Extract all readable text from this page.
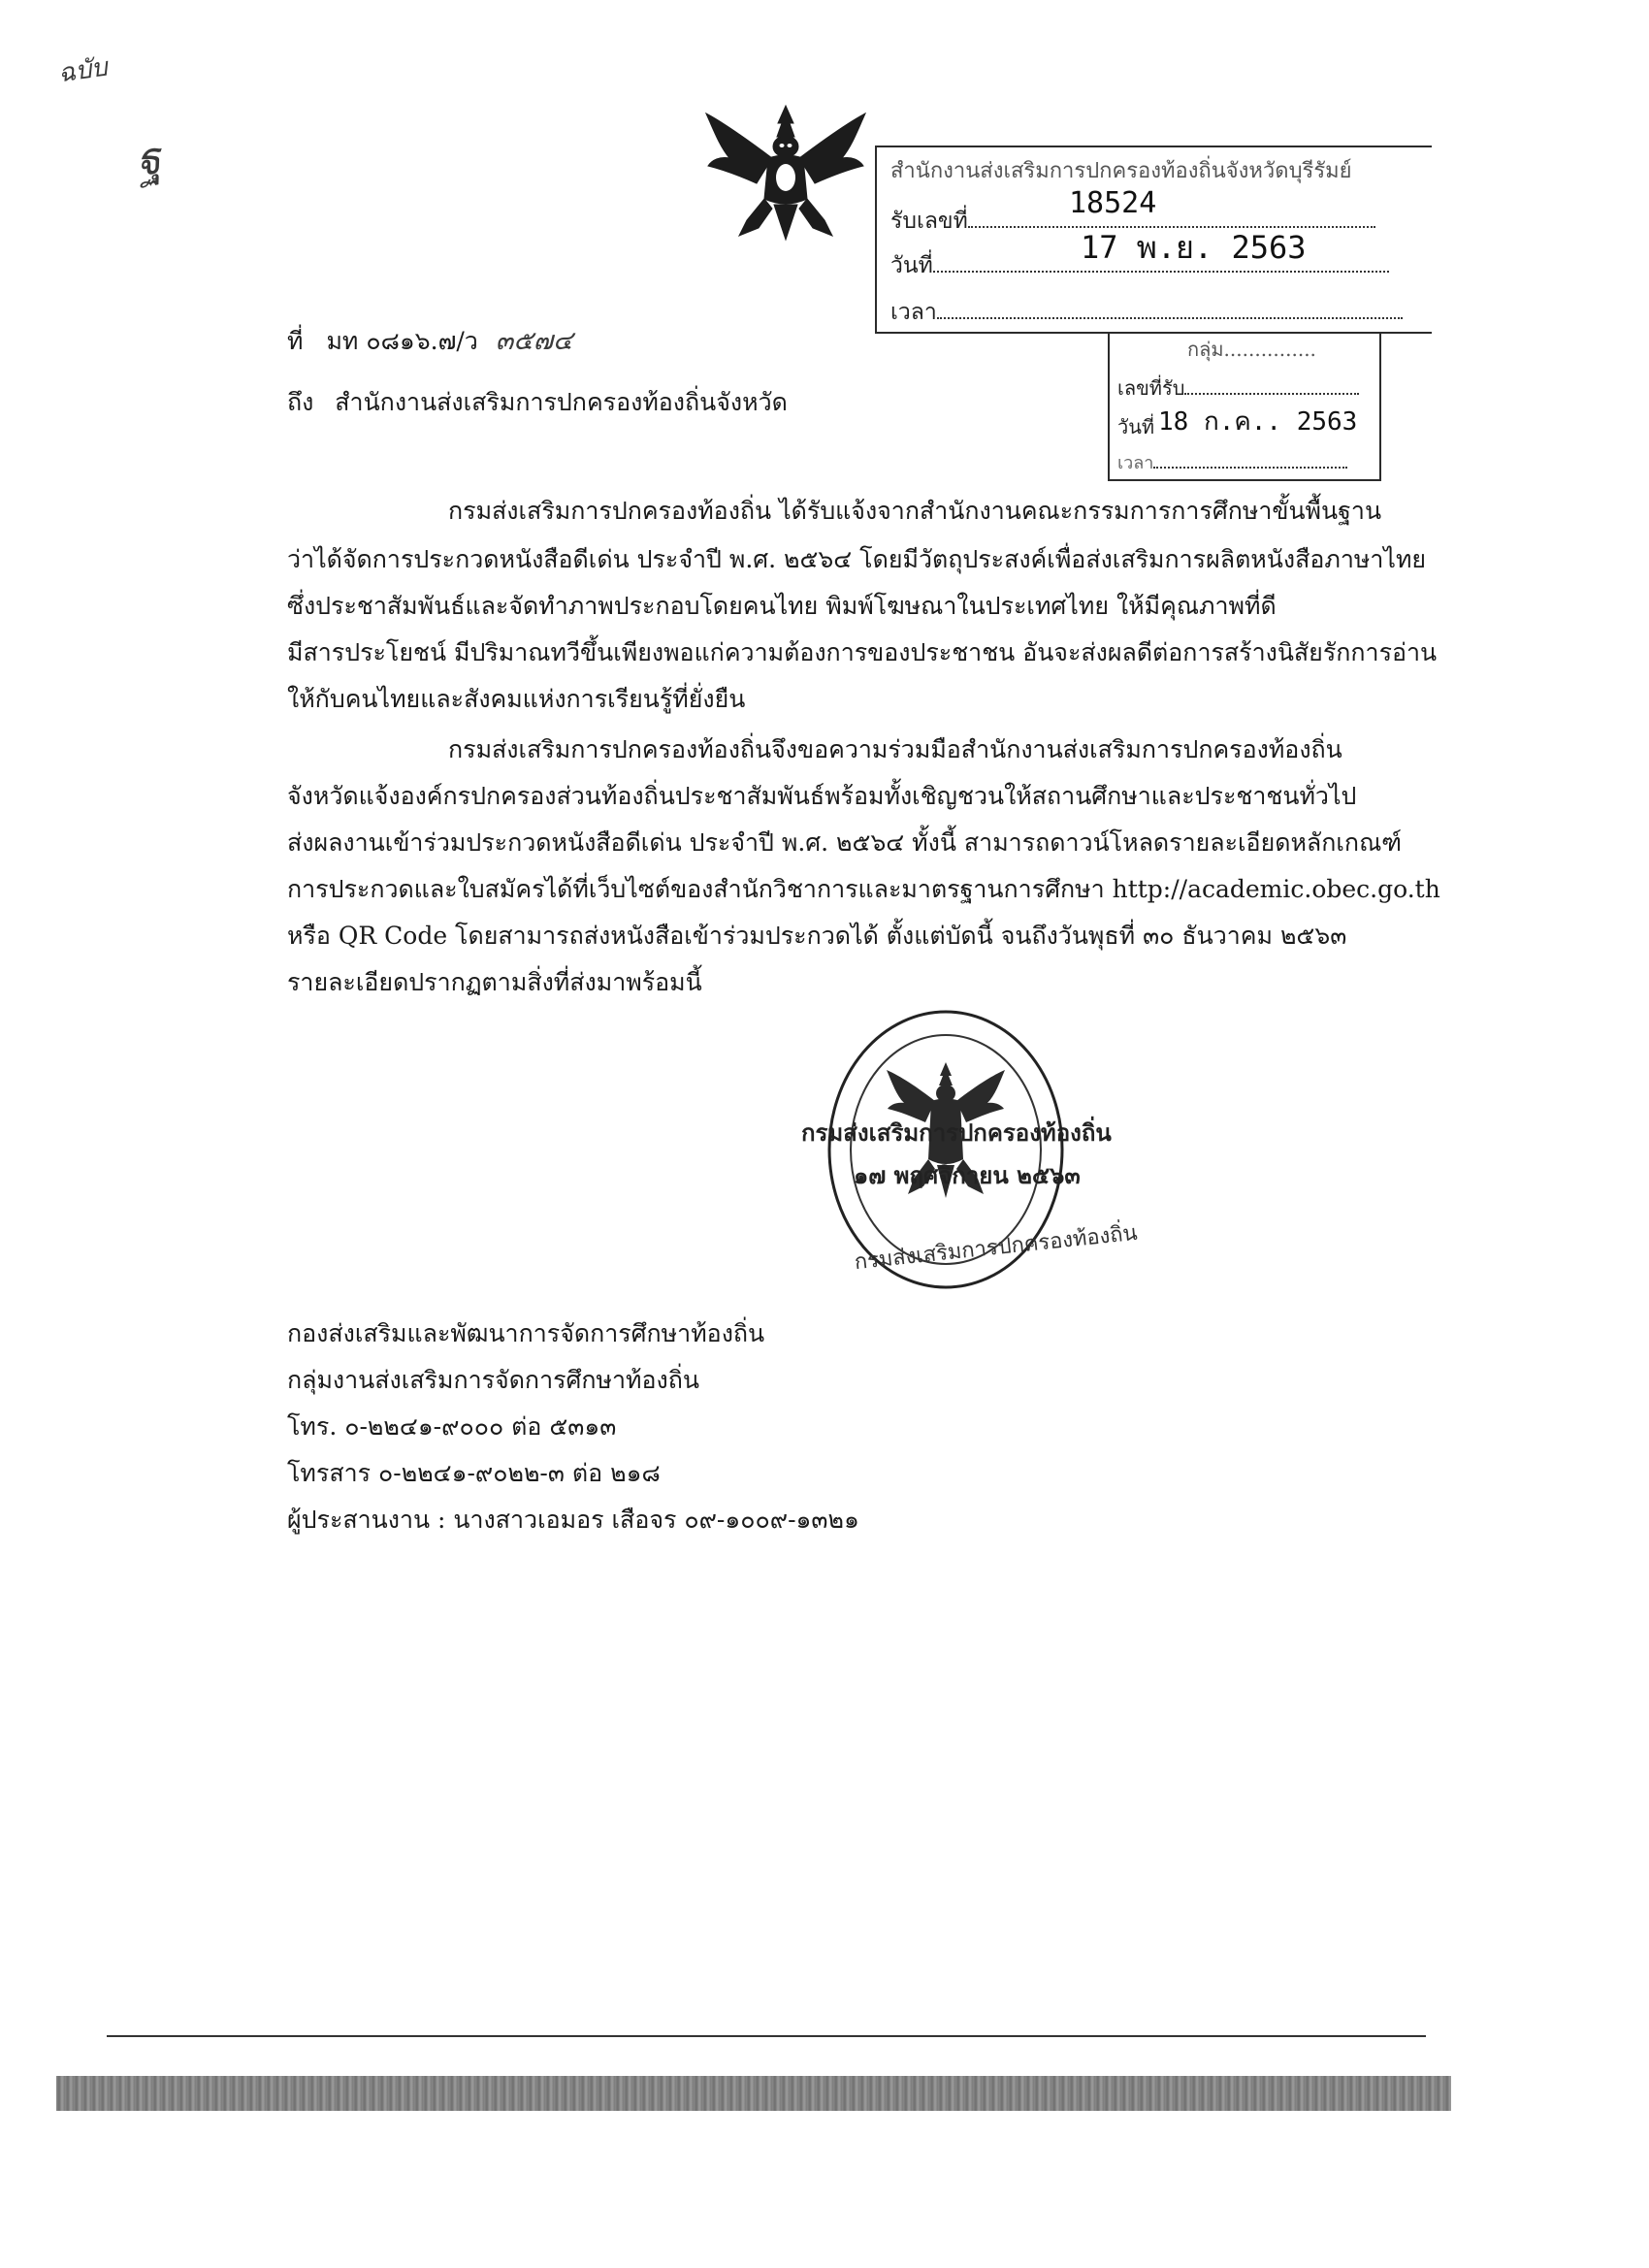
ฉบับ
ฐ	สำนักงานส่งเสริมการปกครองท้องถิ่นจังหวัดบุรีรัมย์
รับเลขที่
18524
วันที่	17 พ.ย. 2563
เวลา
กลุ่ม...............
เลขที่รับ
วันที่ 18 ก.ค.. 2563
เวลา
ที่ มท ๐๘๑๖.๗/ว ๓๕๗๔
ถึง สำนักงานส่งเสริมการปกครองท้องถิ่นจังหวัด
กรมส่งเสริมการปกครองท้องถิ่น ได้รับแจ้งจากสำนักงานคณะกรรมการการศึกษาขั้นพื้นฐาน
ว่าได้จัดการประกวดหนังสือดีเด่น ประจำปี พ.ศ. ๒๕๖๔ โดยมีวัตถุประสงค์เพื่อส่งเสริมการผลิตหนังสือภาษาไทย
ซึ่งประชาสัมพันธ์และจัดทำภาพประกอบโดยคนไทย พิมพ์โฆษณาในประเทศไทย ให้มีคุณภาพที่ดี
มีสารประโยชน์ มีปริมาณทวีขึ้นเพียงพอแก่ความต้องการของประชาชน อันจะส่งผลดีต่อการสร้างนิสัยรักการอ่าน
ให้กับคนไทยและสังคมแห่งการเรียนรู้ที่ยั่งยืน
กรมส่งเสริมการปกครองท้องถิ่นจึงขอความร่วมมือสำนักงานส่งเสริมการปกครองท้องถิ่น
จังหวัดแจ้งองค์กรปกครองส่วนท้องถิ่นประชาสัมพันธ์พร้อมทั้งเชิญชวนให้สถานศึกษาและประชาชนทั่วไป
ส่งผลงานเข้าร่วมประกวดหนังสือดีเด่น ประจำปี พ.ศ. ๒๕๖๔ ทั้งนี้ สามารถดาวน์โหลดรายละเอียดหลักเกณฑ์
การประกวดและใบสมัครได้ที่เว็บไซต์ของสำนักวิชาการและมาตรฐานการศึกษา http://academic.obec.go.th
หรือ QR Code โดยสามารถส่งหนังสือเข้าร่วมประกวดได้ ตั้งแต่บัดนี้ จนถึงวันพุธที่ ๓๐ ธันวาคม ๒๕๖๓
รายละเอียดปรากฏตามสิ่งที่ส่งมาพร้อมนี้
กรมส่งเสริมการปกครองท้องถิ่น
๑๗ พฤศจิกายน ๒๕๖๓
กรมส่งเสริมการปกครองท้องถิ่น
กองส่งเสริมและพัฒนาการจัดการศึกษาท้องถิ่น
กลุ่มงานส่งเสริมการจัดการศึกษาท้องถิ่น
โทร. ๐-๒๒๔๑-๙๐๐๐ ต่อ ๕๓๑๓
โทรสาร ๐-๒๒๔๑-๙๐๒๒-๓ ต่อ ๒๑๘
ผู้ประสานงาน : นางสาวเอมอร เสือจร ๐๙-๑๐๐๙-๑๓๒๑
